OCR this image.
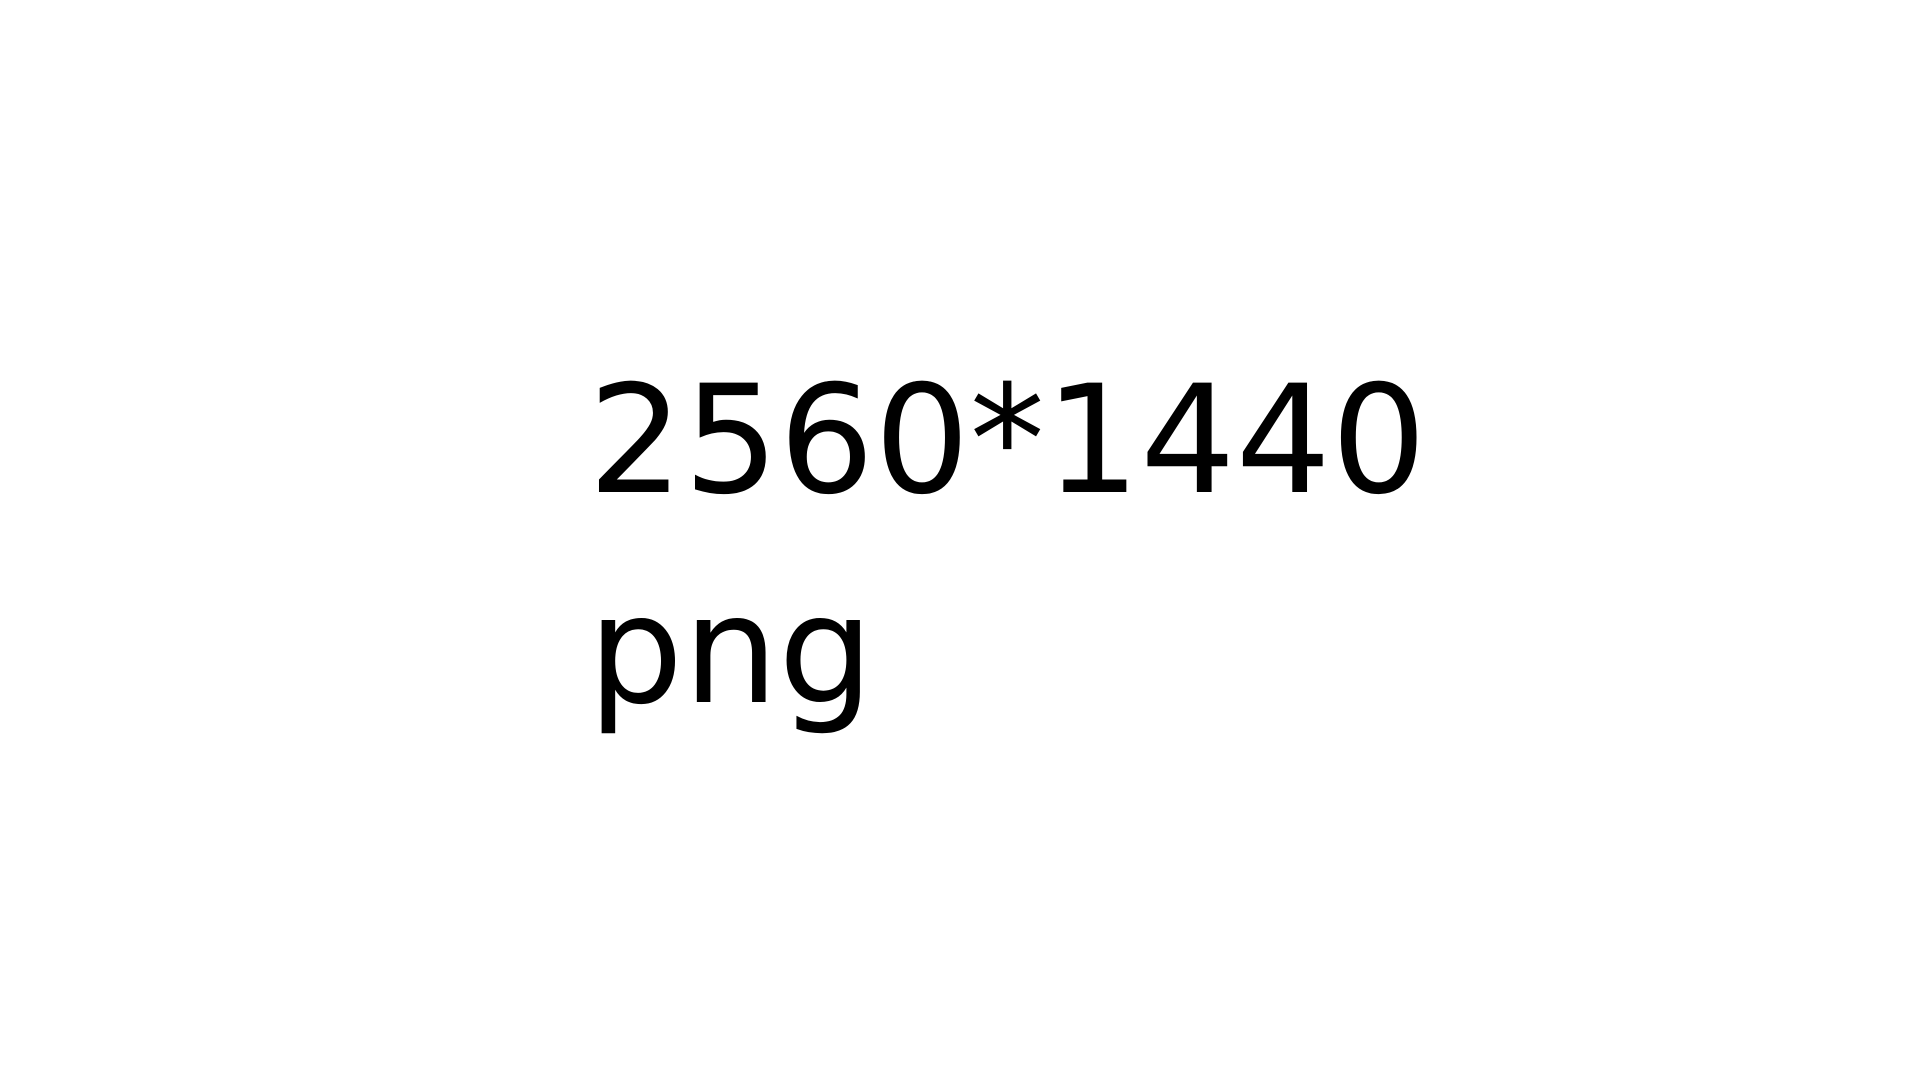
2560*1440
png
